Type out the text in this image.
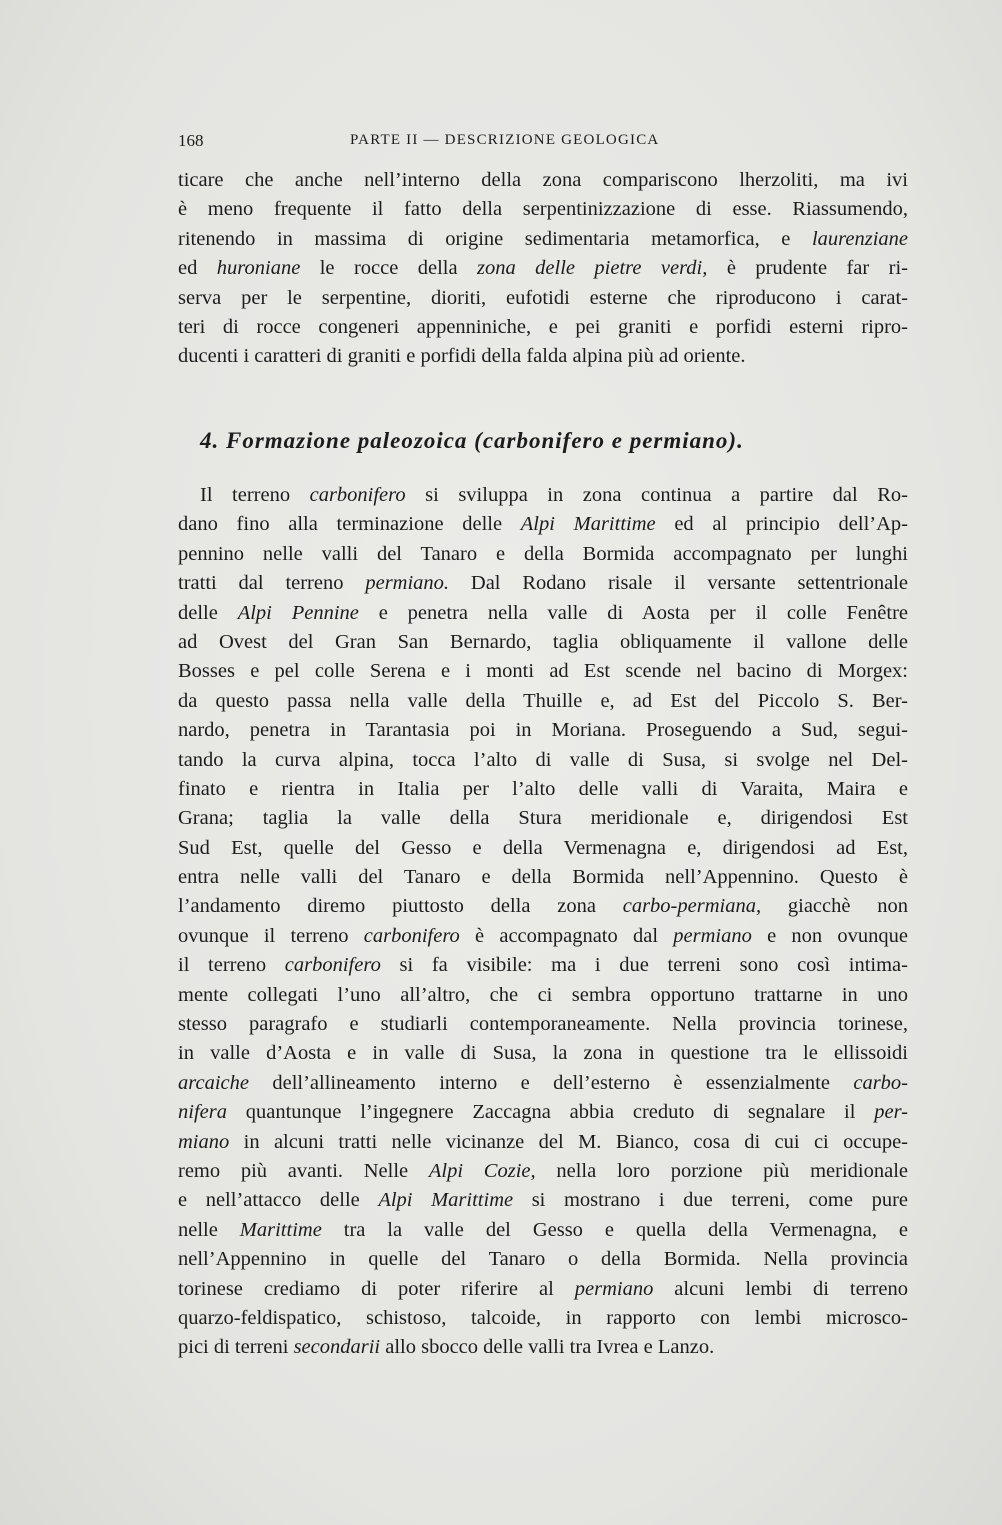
168	PARTE II — DESCRIZIONE GEOLOGICA
ticare che anche nell’interno della zona compariscono lherzoliti, ma ivi
è meno frequente il fatto della serpentinizzazione di esse. Riassumendo,
ritenendo in massima di origine sedimentaria metamorfica, e laurenziane
ed huroniane le rocce della zona delle pietre verdi, è prudente far ri-
serva per le serpentine, dioriti, eufotidi esterne che riproducono i carat-
teri di rocce congeneri appenniniche, e pei graniti e porfidi esterni ripro-
ducenti i caratteri di graniti e porfidi della falda alpina più ad oriente.
4. Formazione paleozoica (carbonifero e permiano).
Il terreno carbonifero si sviluppa in zona continua a partire dal Ro-
dano fino alla terminazione delle Alpi Marittime ed al principio dell’Ap-
pennino nelle valli del Tanaro e della Bormida accompagnato per lunghi
tratti dal terreno permiano. Dal Rodano risale il versante settentrionale
delle Alpi Pennine e penetra nella valle di Aosta per il colle Fenêtre
ad Ovest del Gran San Bernardo, taglia obliquamente il vallone delle
Bosses e pel colle Serena e i monti ad Est scende nel bacino di Morgex:
da questo passa nella valle della Thuille e, ad Est del Piccolo S. Ber-
nardo, penetra in Tarantasia poi in Moriana. Proseguendo a Sud, segui-
tando la curva alpina, tocca l’alto di valle di Susa, si svolge nel Del-
finato e rientra in Italia per l’alto delle valli di Varaita, Maira e
Grana; taglia la valle della Stura meridionale e, dirigendosi Est
Sud Est, quelle del Gesso e della Vermenagna e, dirigendosi ad Est,
entra nelle valli del Tanaro e della Bormida nell’Appennino. Questo è
l’andamento diremo piuttosto della zona carbo-permiana, giacchè non
ovunque il terreno carbonifero è accompagnato dal permiano e non ovunque
il terreno carbonifero si fa visibile: ma i due terreni sono così intima-
mente collegati l’uno all’altro, che ci sembra opportuno trattarne in uno
stesso paragrafo e studiarli contemporaneamente. Nella provincia torinese,
in valle d’Aosta e in valle di Susa, la zona in questione tra le ellissoidi
arcaiche dell’allineamento interno e dell’esterno è essenzialmente carbo-
nifera quantunque l’ingegnere Zaccagna abbia creduto di segnalare il per-
miano in alcuni tratti nelle vicinanze del M. Bianco, cosa di cui ci occupe-
remo più avanti. Nelle Alpi Cozie, nella loro porzione più meridionale
e nell’attacco delle Alpi Marittime si mostrano i due terreni, come pure
nelle Marittime tra la valle del Gesso e quella della Vermenagna, e
nell’Appennino in quelle del Tanaro o della Bormida. Nella provincia
torinese crediamo di poter riferire al permiano alcuni lembi di terreno
quarzo-feldispatico, schistoso, talcoide, in rapporto con lembi microsco-
pici di terreni secondarii allo sbocco delle valli tra Ivrea e Lanzo.
